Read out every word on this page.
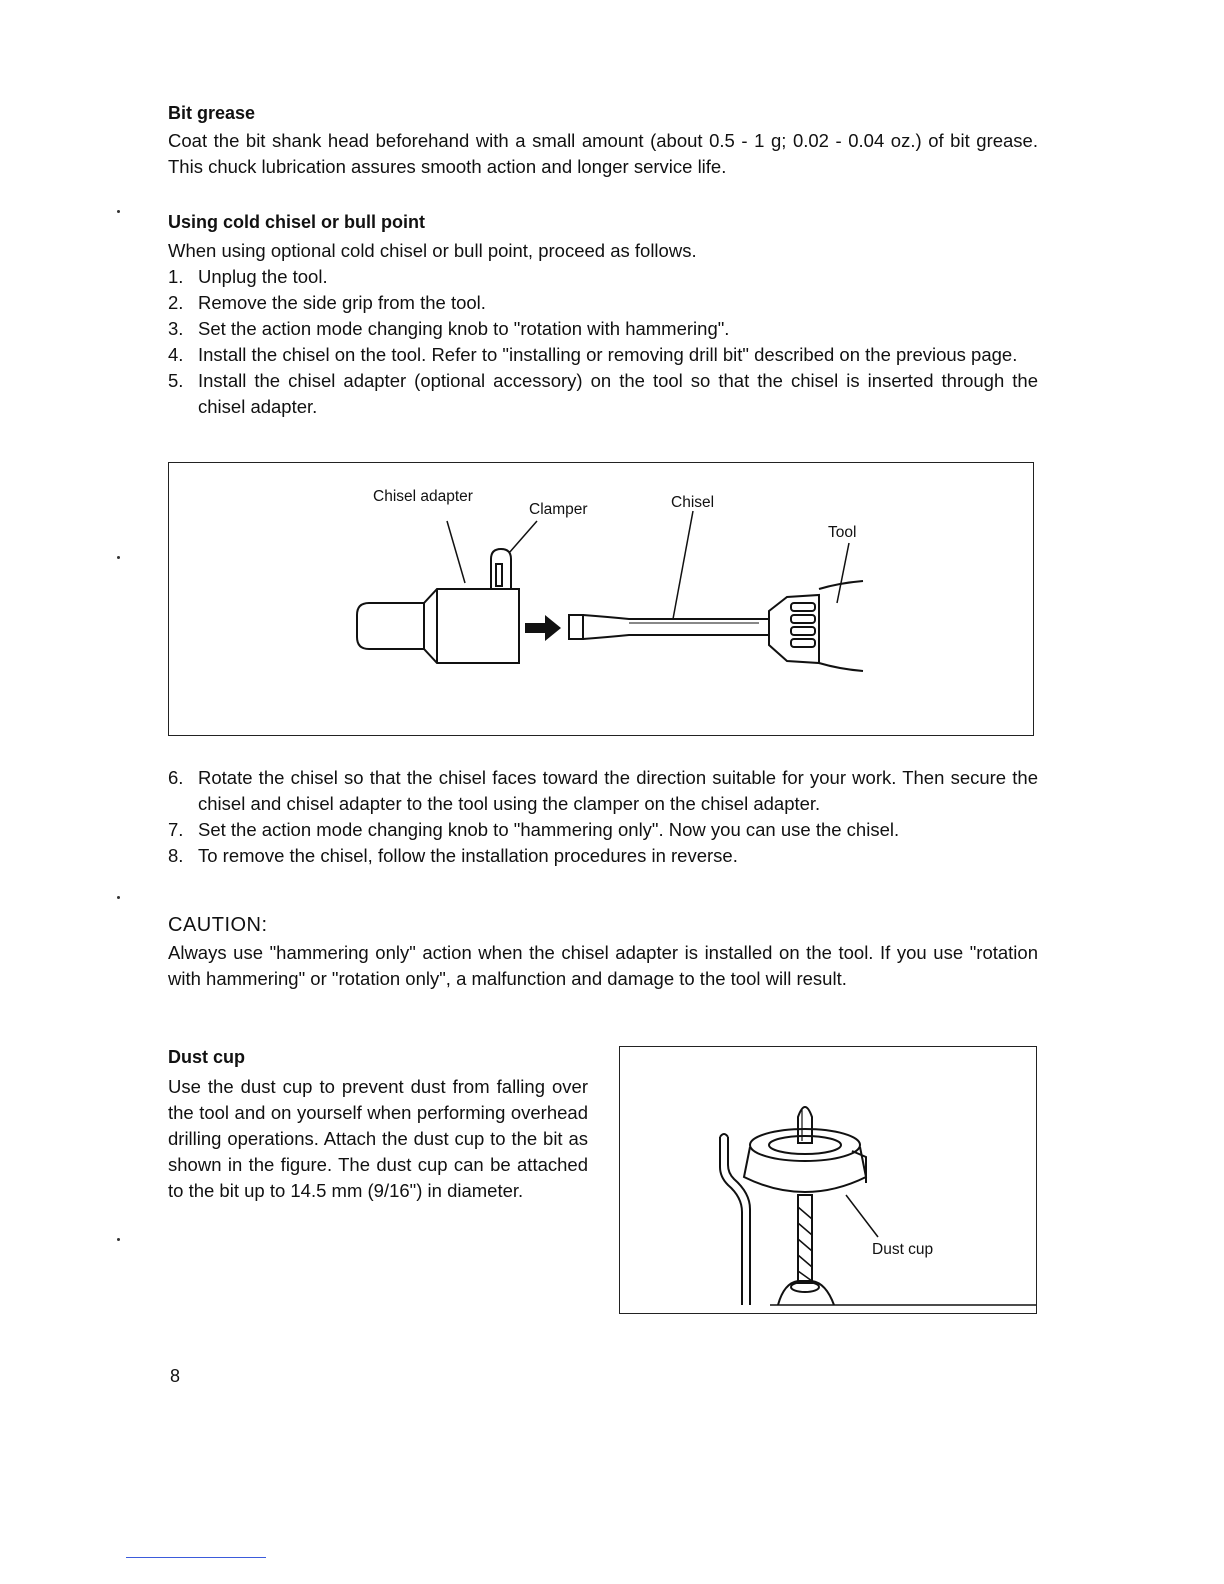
Bit grease
Coat the bit shank head beforehand with a small amount (about 0.5 - 1 g; 0.02 - 0.04 oz.) of bit grease. This chuck lubrication assures smooth action and longer service life.
Using cold chisel or bull point
When using optional cold chisel or bull point, proceed as follows.
1. Unplug the tool.
2. Remove the side grip from the tool.
3. Set the action mode changing knob to "rotation with hammering".
4. Install the chisel on the tool. Refer to "installing or removing drill bit" described on the previous page.
5. Install the chisel adapter (optional accessory) on the tool so that the chisel is inserted through the chisel adapter.
Chisel adapter
Clamper	Chisel
Tool
6. Rotate the chisel so that the chisel faces toward the direction suitable for your work. Then secure the chisel and chisel adapter to the tool using the clamper on the chisel adapter.
7. Set the action mode changing knob to "hammering only". Now you can use the chisel.
8. To remove the chisel, follow the installation procedures in reverse.
CAUTION:
Always use "hammering only" action when the chisel adapter is installed on the tool. If you use "rotation with hammering" or "rotation only", a malfunction and damage to the tool will result.
Dust cup
Use the dust cup to prevent dust from falling over the tool and on yourself when performing overhead drilling operations. Attach the dust cup to the bit as shown in the figure. The dust cup can be attached to the bit up to 14.5 mm (9/16") in diameter.
Dust cup
8
